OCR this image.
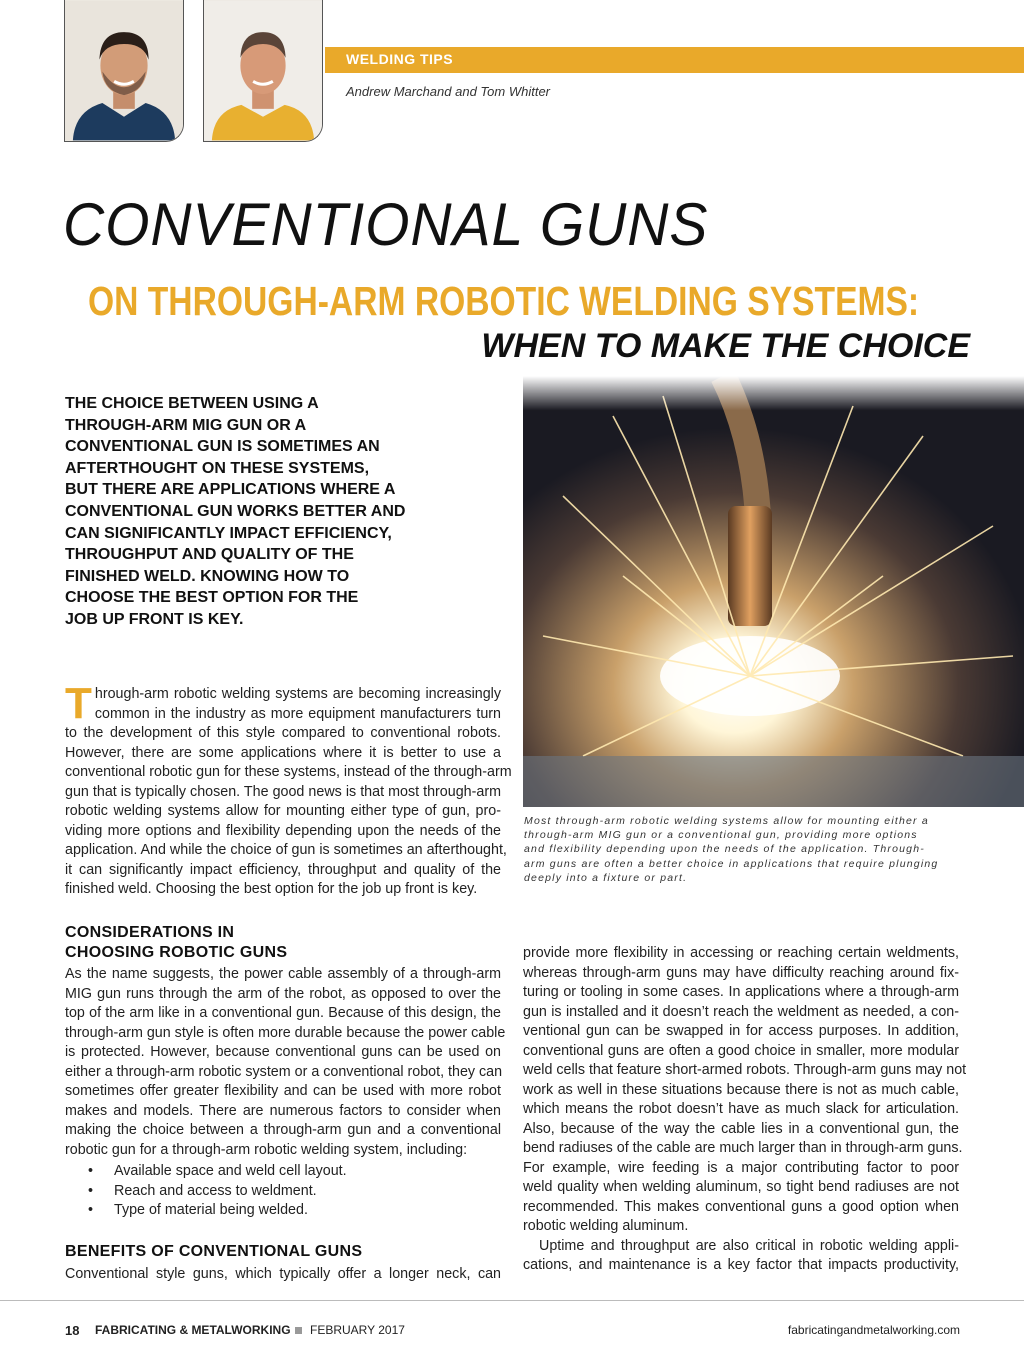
WELDING TIPS
Andrew Marchand and Tom Whitter
CONVENTIONAL GUNS
ON THROUGH-ARM ROBOTIC WELDING SYSTEMS:
WHEN TO MAKE THE CHOICE

THE CHOICE BETWEEN USING A
THROUGH-ARM MIG GUN OR A
CONVENTIONAL GUN IS SOMETIMES AN
AFTERTHOUGHT ON THESE SYSTEMS,
BUT THERE ARE APPLICATIONS WHERE A
CONVENTIONAL GUN WORKS BETTER AND
CAN SIGNIFICANTLY IMPACT EFFICIENCY,
THROUGHPUT AND QUALITY OF THE
FINISHED WELD. KNOWING HOW TO
CHOOSE THE BEST OPTION FOR THE
JOB UP FRONT IS KEY.

Most through-arm robotic welding systems allow for mounting either a
through-arm MIG gun or a conventional gun, providing more options
and flexibility depending upon the needs of the application. Through-
arm guns are often a better choice in applications that require plunging
deeply into a fixture or part.

T hrough-arm robotic welding systems are becoming increasingly
common in the industry as more equipment manufacturers turn
to the development of this style compared to conventional robots.
However, there are some applications where it is better to use a
conventional robotic gun for these systems, instead of the through-arm
gun that is typically chosen. The good news is that most through-arm
robotic welding systems allow for mounting either type of gun, pro-
viding more options and flexibility depending upon the needs of the
application. And while the choice of gun is sometimes an afterthought,
it can significantly impact efficiency, throughput and quality of the
finished weld. Choosing the best option for the job up front is key.

CONSIDERATIONS IN
CHOOSING ROBOTIC GUNS

As the name suggests, the power cable assembly of a through-arm
MIG gun runs through the arm of the robot, as opposed to over the
top of the arm like in a conventional gun. Because of this design, the
through-arm gun style is often more durable because the power cable
is protected. However, because conventional guns can be used on
either a through-arm robotic system or a conventional robot, they can
sometimes offer greater flexibility and can be used with more robot
makes and models. There are numerous factors to consider when
making the choice between a through-arm gun and a conventional
robotic gun for a through-arm robotic welding system, including:

• Available space and weld cell layout.
• Reach and access to weldment.
• Type of material being welded.
BENEFITS OF CONVENTIONAL GUNS

Conventional style guns, which typically offer a longer neck, can

provide more flexibility in accessing or reaching certain weldments,
whereas through-arm guns may have difficulty reaching around fix-
turing or tooling in some cases. In applications where a through-arm
gun is installed and it doesn’t reach the weldment as needed, a con-
ventional gun can be swapped in for access purposes. In addition,
conventional guns are often a good choice in smaller, more modular
weld cells that feature short-armed robots. Through-arm guns may not
work as well in these situations because there is not as much cable,
which means the robot doesn’t have as much slack for articulation.
Also, because of the way the cable lies in a conventional gun, the
bend radiuses of the cable are much larger than in through-arm guns.
For example, wire feeding is a major contributing factor to poor
weld quality when welding aluminum, so tight bend radiuses are not
recommended. This makes conventional guns a good option when
robotic welding aluminum.
Uptime and throughput are also critical in robotic welding appli-
cations, and maintenance is a key factor that impacts productivity,

18 FABRICATING & METALWORKING FEBRUARY 2017	fabricatingandmetalworking.com
